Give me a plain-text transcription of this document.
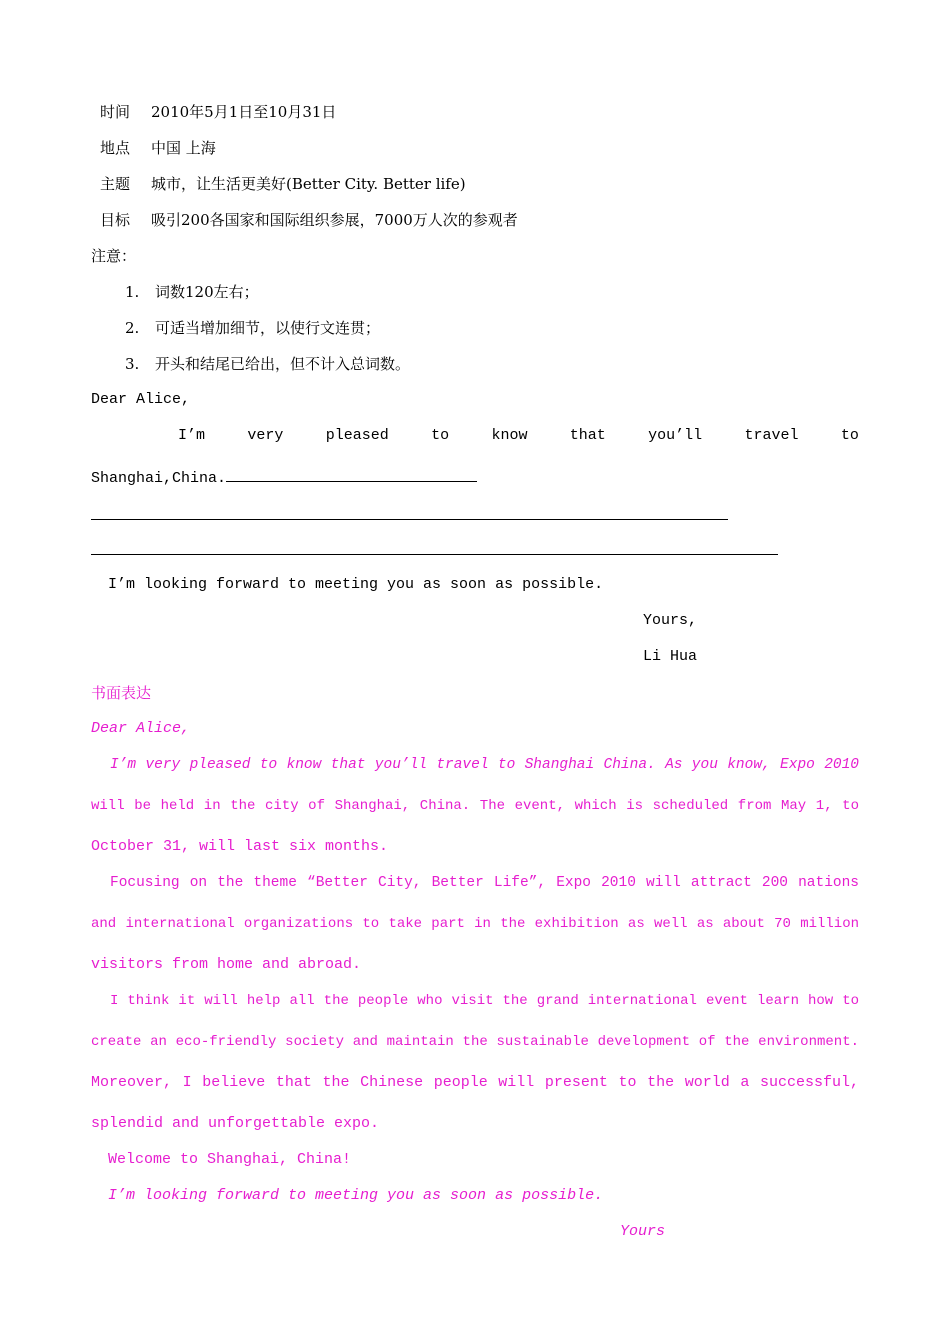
时间 2010年5月1日至10月31日
地点 中国 上海
主题 城市，让生活更美好(Better City. Better life)
目标 吸引200各国家和国际组织参展，7000万人次的参观者
注意：
1. 词数120左右；
2. 可适当增加细节，以使行文连贯；
3. 开头和结尾已给出，但不计入总词数。
Dear Alice,
I’m	very	pleased	to	know	that	you’ll	travel	to
Shanghai,China.
I’m looking forward to meeting you as soon as possible.
Yours,
Li Hua
书面表达
Dear Alice,
I’m very pleased to know that you’ll travel to Shanghai China. As you know, Expo 2010
will be held in the city of Shanghai, China. The event, which is scheduled from May 1, to
October 31, will last six months.
Focusing on the theme “Better City, Better Life”, Expo 2010 will attract 200 nations
and international organizations to take part in the exhibition as well as about 70 million
visitors from home and abroad.
I think it will help all the people who visit the grand international event learn how to
create an eco-friendly society and maintain the sustainable development of the environment.
Moreover, I believe that the Chinese people will present to the world a successful,
splendid and unforgettable expo.
Welcome to Shanghai, China!
I’m looking forward to meeting you as soon as possible.
Yours
